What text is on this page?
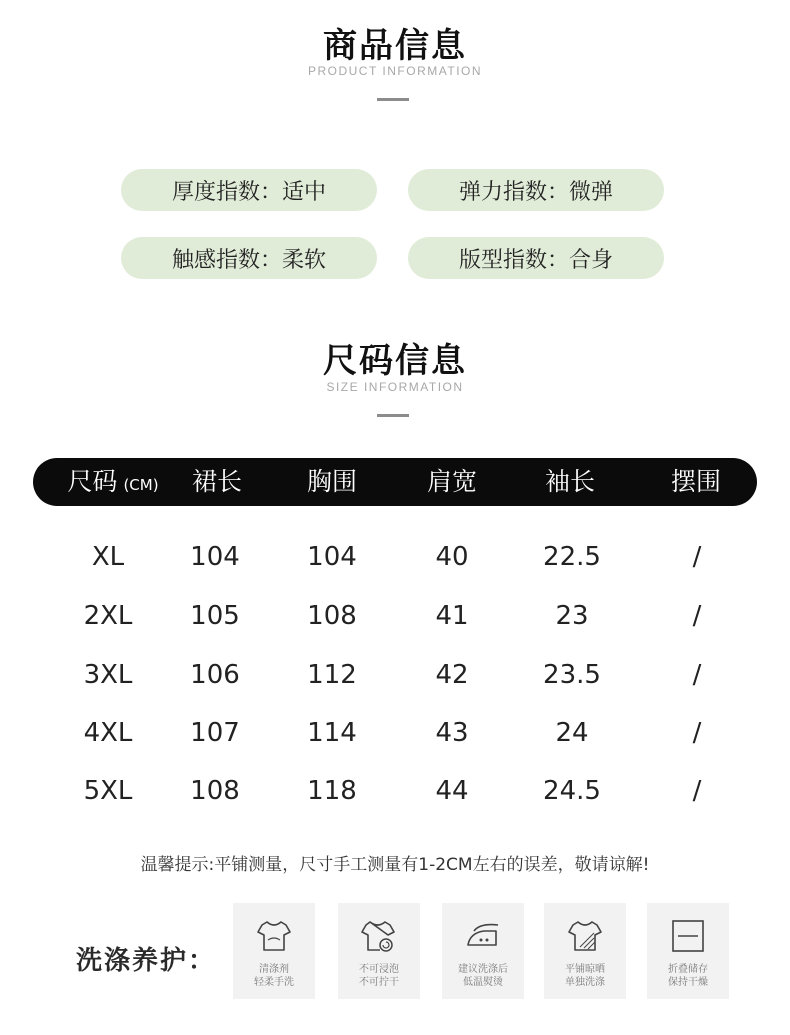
商品信息
PRODUCT INFORMATION
厚度指数：适中	弹力指数：微弹
触感指数：柔软	版型指数：合身
尺码信息
SIZE INFORMATION
尺码 (CM)	裙长	胸围	肩宽	袖长	摆围
XL	104	104	40	22.5	/
2XL	105	108	41	23	/
3XL	106	112	42	23.5	/
4XL	107	114	43	24	/
5XL	108	118	44	24.5	/
温馨提示:平铺测量，尺寸手工测量有1-2CM左右的误差，敬请谅解!
洗涤养护：	清涤剂
轻柔手洗
不可浸泡
不可拧干
建议洗涤后
低温熨烫
平铺晾晒
单独洗涤
折叠储存
保持干燥
